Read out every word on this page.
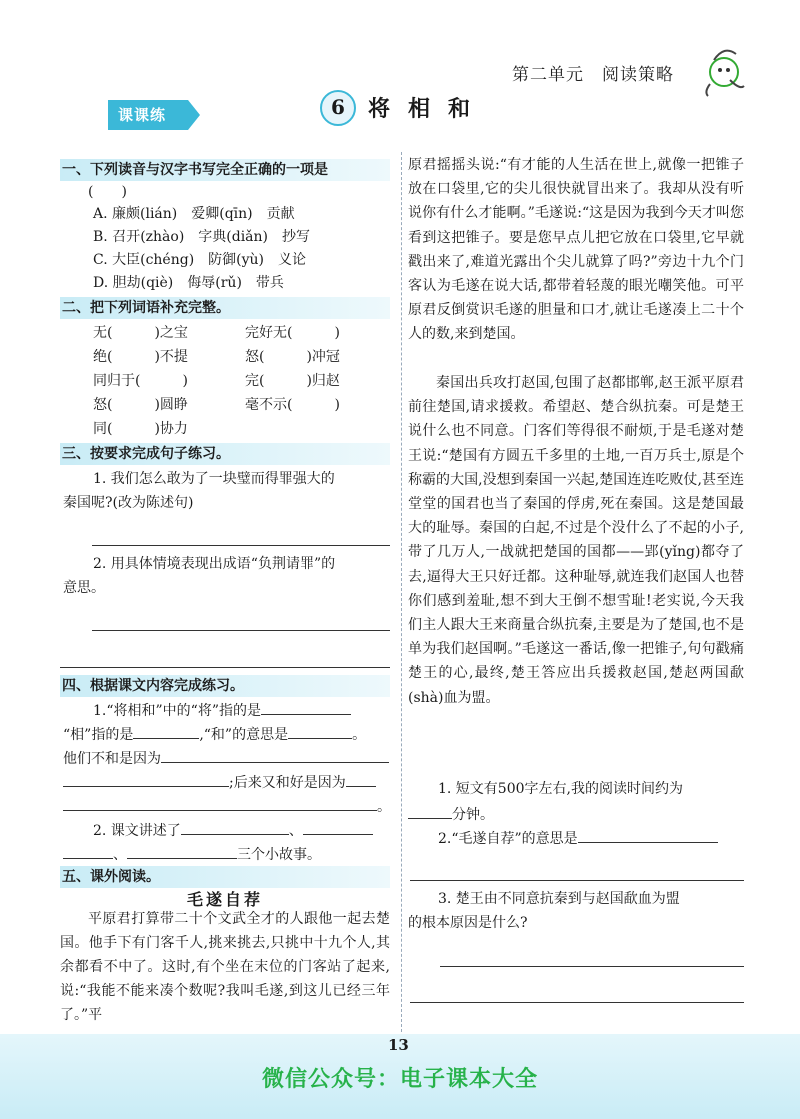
第二单元　阅读策略
课课练	6 将相和
一、下列读音与汉字书写完全正确的一项是
(　　)
A. 廉颇(lián)　爱卿(qīn)　贡献
B. 召开(zhào)　字典(diǎn)　抄写
C. 大臣(chéng)　防御(yù)　义论
D. 胆劫(qiè)　侮辱(rǔ)　带兵
二、把下列词语补充完整。
无(　　　)之宝	完好无(　　　)
绝(　　　)不提	怒(　　　)冲冠
同归于(　　　)	完(　　　)归赵
怒(　　　)圆睁	毫不示(　　　)
同(　　　)协力
三、按要求完成句子练习。
1. 我们怎么敢为了一块璧而得罪强大的
秦国呢?(改为陈述句)
2. 用具体情境表现出成语“负荆请罪”的
意思。
四、根据课文内容完成练习。
1.“将相和”中的“将”指的是
“相”指的是	,“和”的意思是	。
他们不和是因为
;后来又和好是因为
。
2. 课文讲述了	、
、	三个小故事。
五、课外阅读。
毛遂自荐
平原君打算带二十个文武全才的人跟他一起去楚国。他手下有门客千人,挑来挑去,只挑中十九个人,其余都看不中了。这时,有个坐在末位的门客站了起来,说:“我能不能来凑个数呢?我叫毛遂,到这儿已经三年了。”平
原君摇摇头说:“有才能的人生活在世上,就像一把锥子放在口袋里,它的尖儿很快就冒出来了。我却从没有听说你有什么才能啊。”毛遂说:“这是因为我到今天才叫您看到这把锥子。要是您早点儿把它放在口袋里,它早就戳出来了,难道光露出个尖儿就算了吗?”旁边十九个门客认为毛遂在说大话,都带着轻蔑的眼光嘲笑他。可平原君反倒赏识毛遂的胆量和口才,就让毛遂凑上二十个人的数,来到楚国。
秦国出兵攻打赵国,包围了赵都邯郸,赵王派平原君前往楚国,请求援救。希望赵、楚合纵抗秦。可是楚王说什么也不同意。门客们等得很不耐烦,于是毛遂对楚王说:“楚国有方圆五千多里的土地,一百万兵士,原是个称霸的大国,没想到秦国一兴起,楚国连连吃败仗,甚至连堂堂的国君也当了秦国的俘虏,死在秦国。这是楚国最大的耻辱。秦国的白起,不过是个没什么了不起的小子,带了几万人,一战就把楚国的国都——郢(yǐng)都夺了去,逼得大王只好迁都。这种耻辱,就连我们赵国人也替你们感到羞耻,想不到大王倒不想雪耻!老实说,今天我们主人跟大王来商量合纵抗秦,主要是为了楚国,也不是单为我们赵国啊。”毛遂这一番话,像一把锥子,句句戳痛楚王的心,最终,楚王答应出兵援救赵国,楚赵两国歃(shà)血为盟。
1. 短文有500字左右,我的阅读时间约为
分钟。
2.“毛遂自荐”的意思是
3. 楚王由不同意抗秦到与赵国歃血为盟
的根本原因是什么?
13
微信公众号：电子课本大全
